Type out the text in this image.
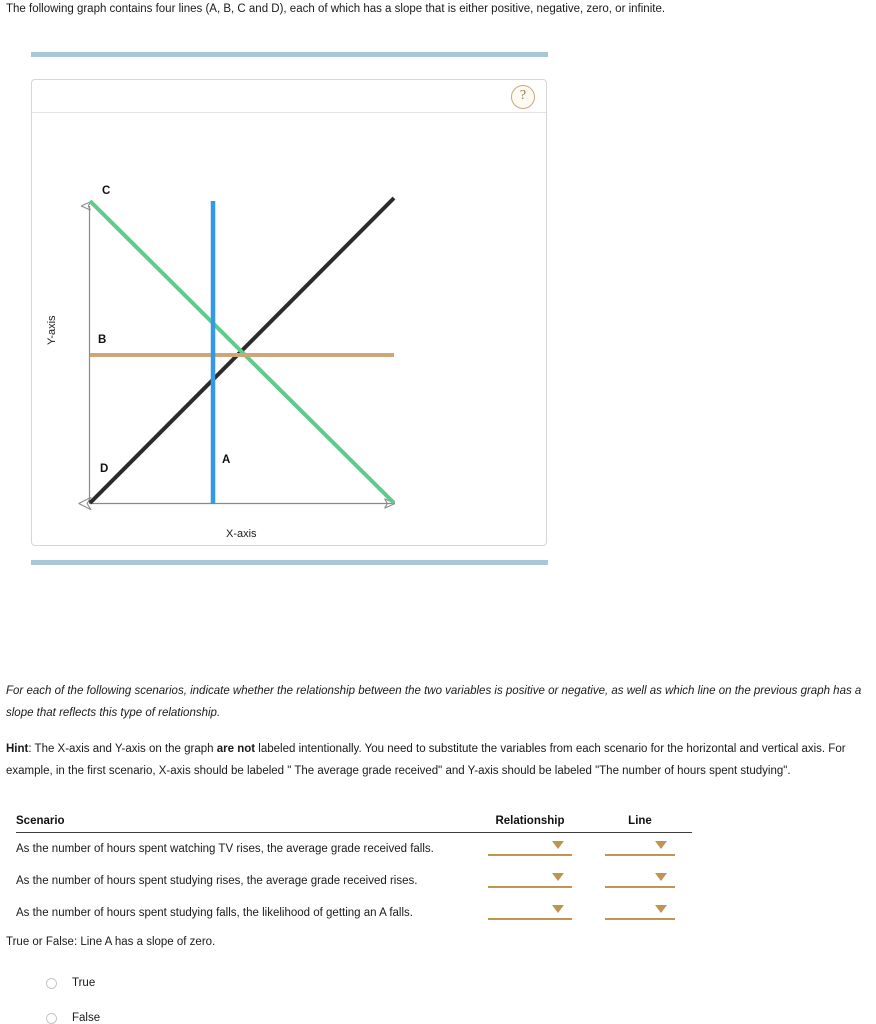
The following graph contains four lines (A, B, C and D), each of which has a slope that is either positive, negative, zero, or infinite.
?
C
B
A
D
Y-axis
X-axis
For each of the following scenarios, indicate whether the relationship between the two variables is positive or negative, as well as which line on the previous graph has a slope that reflects this type of relationship.
Hint: The X-axis and Y-axis on the graph are not labeled intentionally. You need to substitute the variables from each scenario for the horizontal and vertical axis. For example, in the first scenario, X-axis should be labeled " The average grade received" and Y-axis should be labeled "The number of hours spent studying".
Scenario	Relationship	Line
As the number of hours spent watching TV rises, the average grade received falls.	

As the number of hours spent studying rises, the average grade received rises.	

As the number of hours spent studying falls, the likelihood of getting an A falls.	

True or False: Line A has a slope of zero.
True
False
